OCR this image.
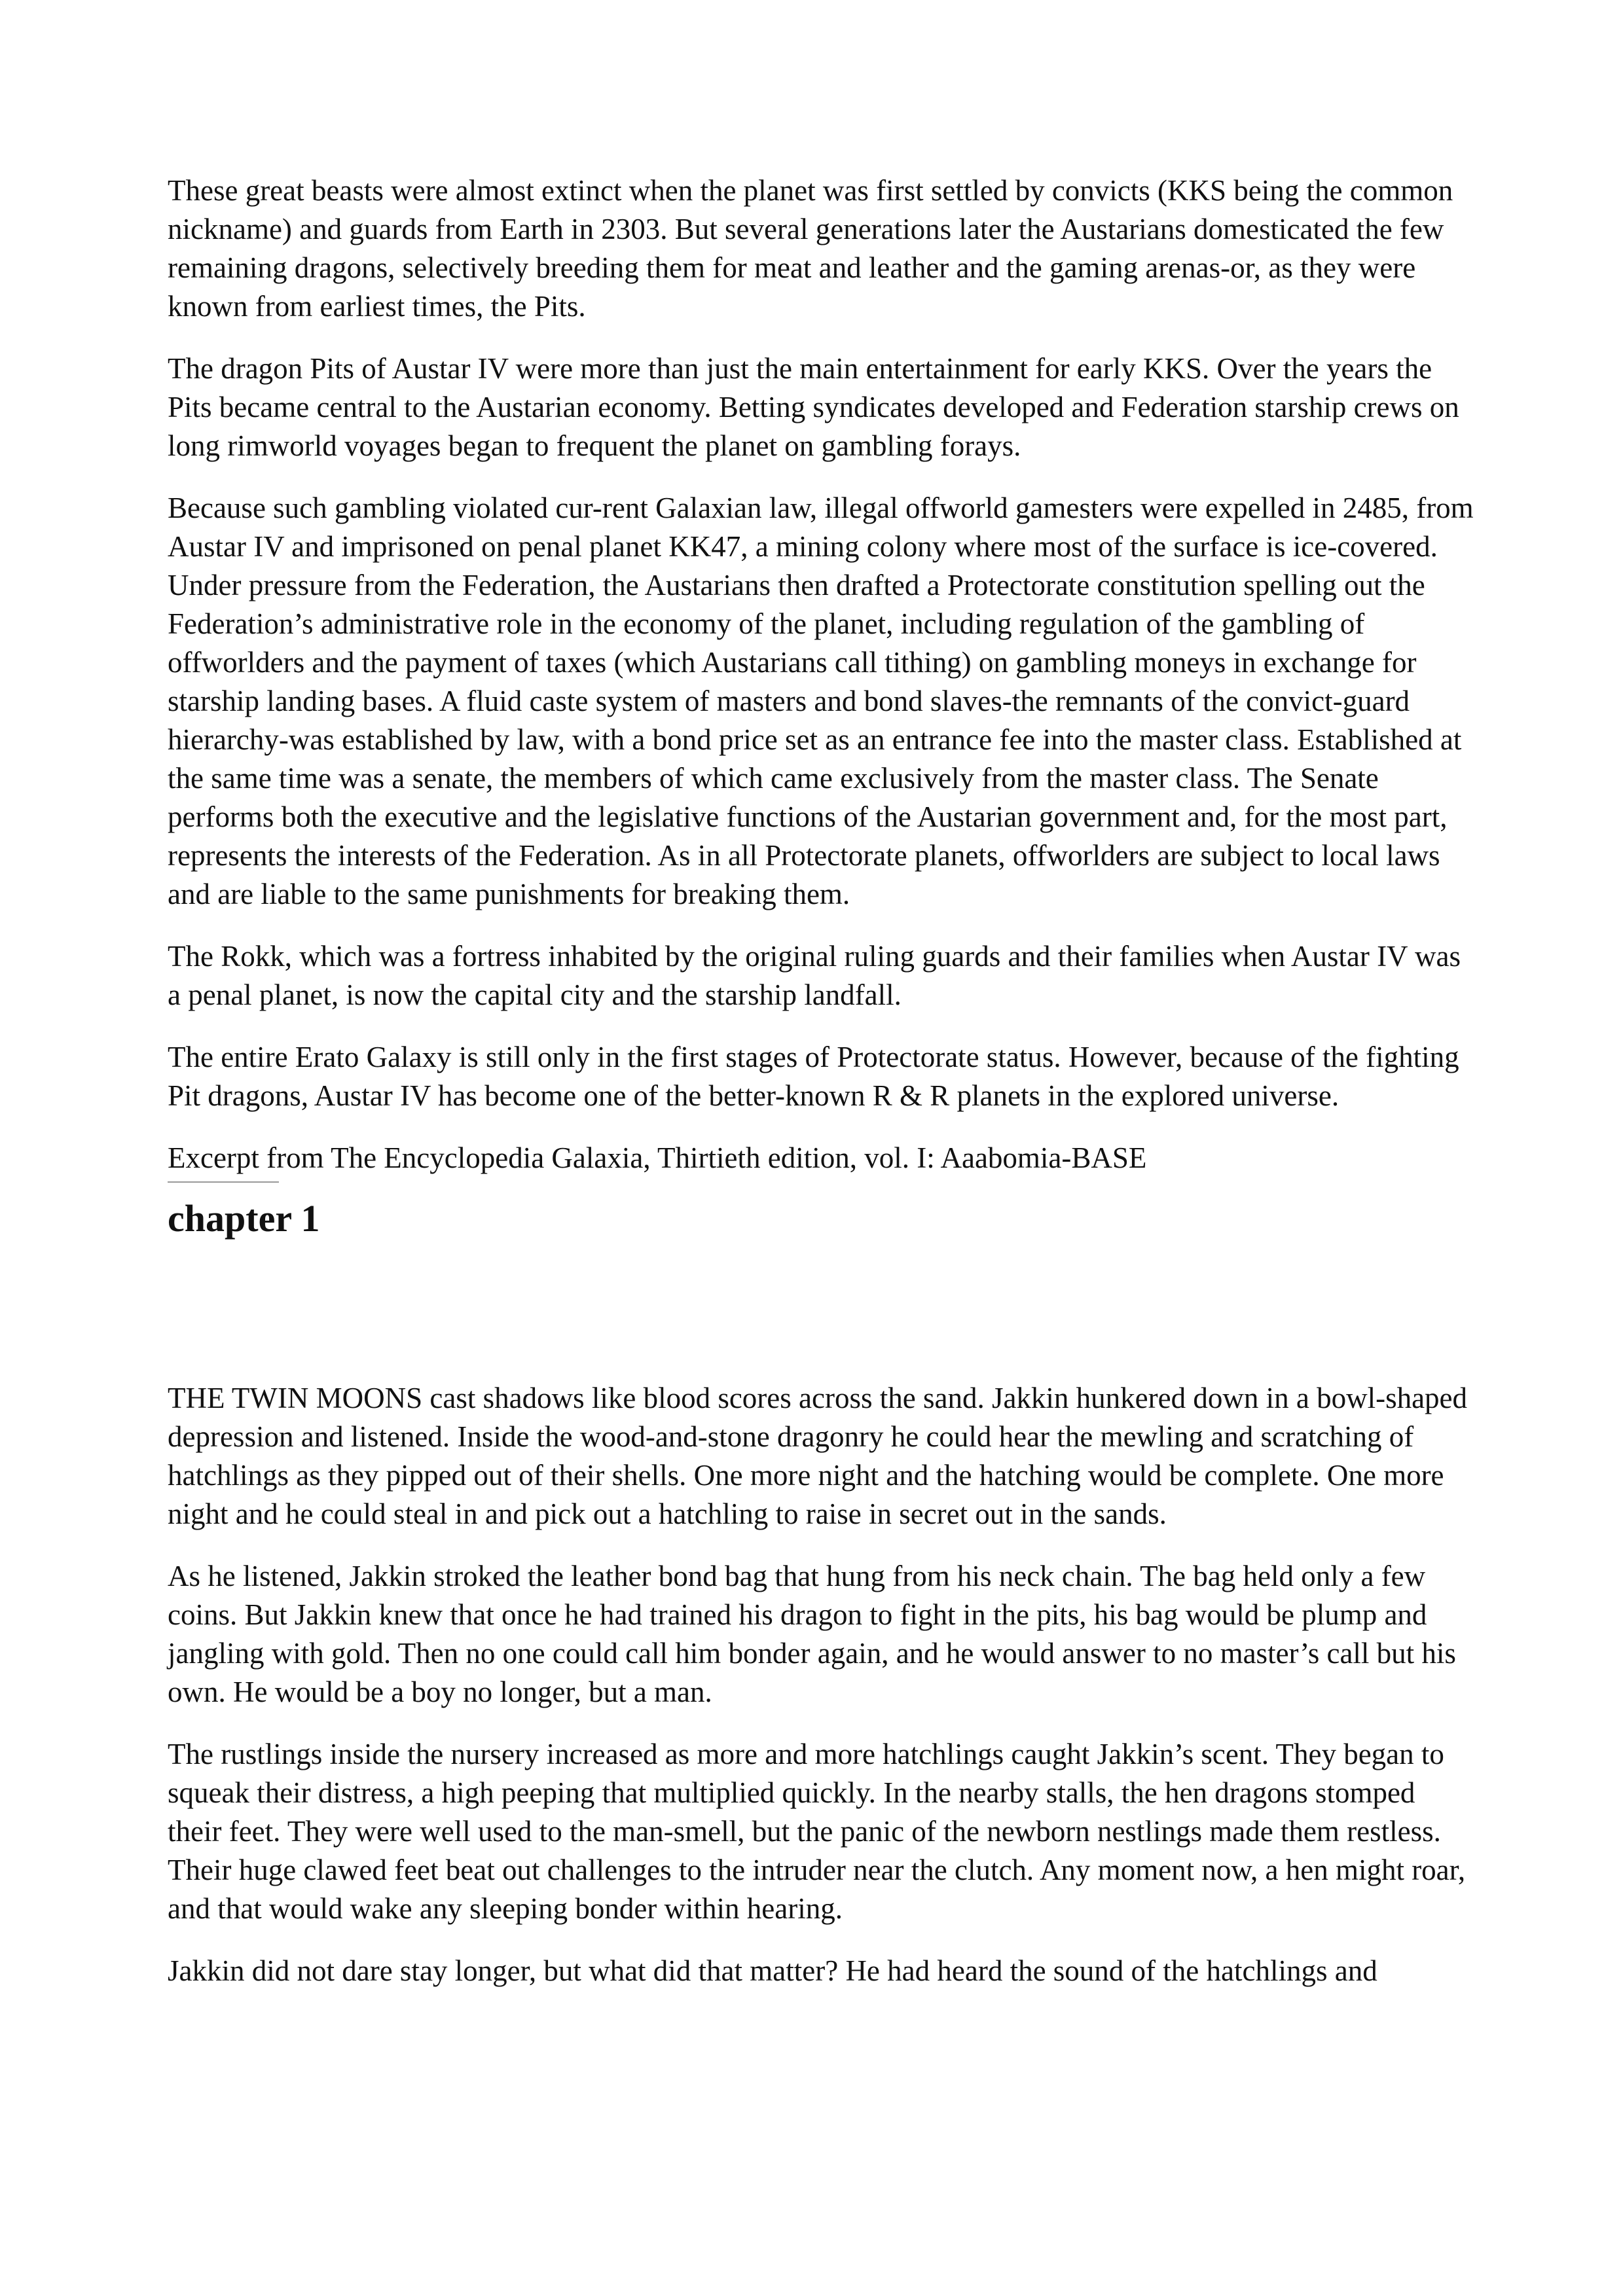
These great beasts were almost extinct when the planet was first settled by convicts (KKS being the common nickname) and guards from Earth in 2303. But several generations later the Austarians domesticated the few remaining dragons, selectively breeding them for meat and leather and the gaming arenas-or, as they were known from earliest times, the Pits.

The dragon Pits of Austar IV were more than just the main entertainment for early KKS. Over the years the Pits became central to the Austarian economy. Betting syndicates developed and Federation starship crews on long rimworld voyages began to frequent the planet on gambling forays.

Because such gambling violated cur-rent Galaxian law, illegal offworld gamesters were expelled in 2485, from Austar IV and imprisoned on penal planet KK47, a mining colony where most of the surface is ice-covered. Under pressure from the Federation, the Austarians then drafted a Protectorate constitution spelling out the Federation’s administrative role in the economy of the planet, including regulation of the gambling of offworlders and the payment of taxes (which Austarians call tithing) on gambling moneys in exchange for starship landing bases. A fluid caste system of masters and bond slaves-the remnants of the convict-guard hierarchy-was established by law, with a bond price set as an entrance fee into the master class. Established at the same time was a senate, the members of which came exclusively from the master class. The Senate performs both the executive and the legislative functions of the Austarian government and, for the most part, represents the interests of the Federation. As in all Protectorate planets, offworlders are subject to local laws and are liable to the same punishments for breaking them.

The Rokk, which was a fortress inhabited by the original ruling guards and their families when Austar IV was a penal planet, is now the capital city and the starship landfall.

The entire Erato Galaxy is still only in the first stages of Protectorate status. However, because of the fighting Pit dragons, Austar IV has become one of the better-known R & R planets in the explored universe.

Excerpt from The Encyclopedia Galaxia, Thirtieth edition, vol. I: Aaabomia-BASE

chapter 1

THE TWIN MOONS cast shadows like blood scores across the sand. Jakkin hunkered down in a bowl-shaped depression and listened. Inside the wood-and-stone dragonry he could hear the mewling and scratching of hatchlings as they pipped out of their shells. One more night and the hatching would be complete. One more night and he could steal in and pick out a hatchling to raise in secret out in the sands.

As he listened, Jakkin stroked the leather bond bag that hung from his neck chain. The bag held only a few coins. But Jakkin knew that once he had trained his dragon to fight in the pits, his bag would be plump and jangling with gold. Then no one could call him bonder again, and he would answer to no master’s call but his own. He would be a boy no longer, but a man.

The rustlings inside the nursery increased as more and more hatchlings caught Jakkin’s scent. They began to squeak their distress, a high peeping that multiplied quickly. In the nearby stalls, the hen dragons stomped their feet. They were well used to the man-smell, but the panic of the newborn nestlings made them restless. Their huge clawed feet beat out challenges to the intruder near the clutch. Any moment now, a hen might roar, and that would wake any sleeping bonder within hearing.

Jakkin did not dare stay longer, but what did that matter? He had heard the sound of the hatchlings and
